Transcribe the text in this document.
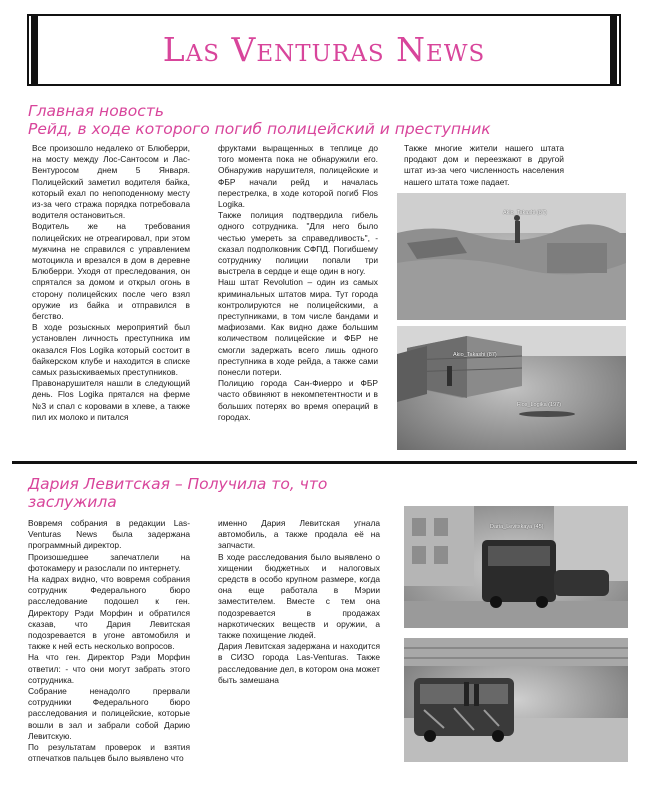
Las Venturas News
Главная новость
Рейд, в ходе которого погиб полицейский и преступник

Все произошло недалеко от Блюберри, на мосту между Лос-Сантосом и Лас-Вентуросом днем 5 Января. Полицейский заметил водителя байка, который ехал по непоподенному месту из-за чего стража порядка потребовала водителя остановиться.

Водитель же на требования полицейских не отреагировал, при этом мужчина не справился с управлением мотоцикла и врезался в дом в деревне Блюберри. Уходя от преследования, он спрятался за домом и открыл огонь в сторону полицейских после чего взял оружие из байка и отправился в бегство.

В ходе розыскных мероприятий был установлен личность преступника им оказался Flos Logika который состоит в байкерском клубе и находится в списке самых разыскиваемых преступников.

Правонарушителя нашли в следующий день. Flos Logika прятался на ферме №3 и спал с коровами в хлеве, а также пил их молоко и питался

фруктами выращенных в теплице до того момента пока не обнаружили его. Обнаружив нарушителя, полицейские и ФБР начали рейд и началась перестрелка, в ходе которой погиб Flos Logika.

Также полиция подтвердила гибель одного сотрудника. "Для него было честью умереть за справедливость", - сказал подполковник СФПД. Погибшему сотруднику полиции попали три выстрела в сердце и еще один в ногу.

Наш штат Revolution – один из самых криминальных штатов мира. Тут города контролируются не полицейскими, а преступниками, в том числе бандами и мафиозами. Как видно даже большим количеством полицейские и ФБР не смогли задержать всего лишь одного преступника в ходе рейда, а также сами понесли потери.

Полицию города Сан-Фиерро и ФБР часто обвиняют в некомпетентности и в больших потерях во время операций в городах.

Также многие жители нашего штата продают дом и переезжают в другой штат из-за чего численность населения нашего штата тоже падает.

Akio_Takashi (87)
Akio_Takashi (87)
Flos_Logika (197)
Дария Левитская – Получила то, что
заслужила

Вовремя собрания в редакции Las-Venturas News была задержана программный директор.

Произошедшее запечатлели на фотокамеру и разослали по интернету.

На кадрах видно, что вовремя собрания сотрудник Федерального бюро расследование подошел к ген. Директору Рэди Морфин и обратился сказав, что Дария Левитская подозревается в угоне автомобиля и также к ней есть несколько вопросов.

На что ген. Директор Рэди Морфин ответил: - что они могут забрать этого сотрудника.

Собрание ненадолго прервали сотрудники Федерального бюро расследования и полицейские, которые вошли в зал и забрали собой Дарию Левитскую.

По результатам проверок и взятия отпечатков пальцев было выявлено что

именно Дария Левитская угнала автомобиль, а также продала её на запчасти.

В ходе расследования было выявлено о хищении бюджетных и налоговых средств в особо крупном размере, когда она еще работала в Мэрии заместителем. Вместе с тем она подозревается в продажах наркотических веществ и оружии, а также похищение людей.

Дария Левитская задержана и находится в СИЗО города Las-Venturas. Также расследование дел, в котором она может быть замешана

Daria_Levitskaya (45)
